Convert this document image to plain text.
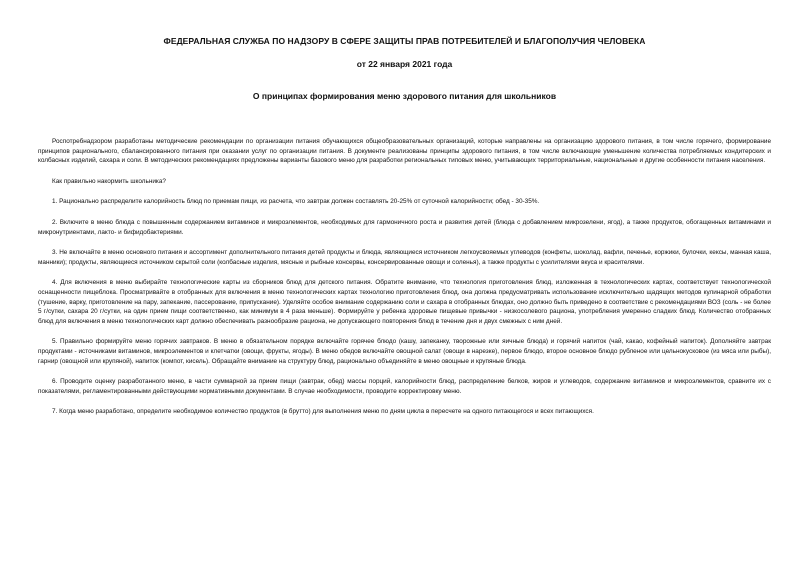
ФЕДЕРАЛЬНАЯ СЛУЖБА ПО НАДЗОРУ В СФЕРЕ ЗАЩИТЫ ПРАВ ПОТРЕБИТЕЛЕЙ И БЛАГОПОЛУЧИЯ ЧЕЛОВЕКА
от 22 января 2021 года
О принципах формирования меню здорового питания для школьников

Роспотребнадзором разработаны методические рекомендации по организации питания обучающихся общеобразовательных организаций, которые направлены на организацию здорового питания, в том числе горячего, формирование принципов рационального, сбалансированного питания при оказании услуг по организации питания. В документе реализованы принципы здорового питания, в том числе включающие уменьшение количества потребляемых кондитерских и колбасных изделий, сахара и соли. В методических рекомендациях предложены варианты базового меню для разработки региональных типовых меню, учитывающих территориальные, национальные и другие особенности питания населения.

Как правильно накормить школьника?

1. Рационально распределите калорийность блюд по приемам пищи, из расчета, что завтрак должен составлять 20-25% от суточной калорийности; обед - 30-35%.

2. Включите в меню блюда с повышенным содержанием витаминов и микроэлементов, необходимых для гармоничного роста и развития детей (блюда с добавлением микрозелени, ягод), а также продуктов, обогащенных витаминами и микронутриентами, лакто- и бифидобактериями.

3. Не включайте в меню основного питания и ассортимент дополнительного питания детей продукты и блюда, являющиеся источником легкоусвояемых углеводов (конфеты, шоколад, вафли, печенье, коржики, булочки, кексы, манная каша, манники); продукты, являющиеся источником скрытой соли (колбасные изделия, мясные и рыбные консервы, консервированные овощи и соленья), а также продукты с усилителями вкуса и красителями.

4. Для включения в меню выбирайте технологические карты из сборников блюд для детского питания. Обратите внимание, что технология приготовления блюд, изложенная в технологических картах, соответствует технологической оснащенности пищеблока. Просматривайте в отобранных для включения в меню технологических картах технологию приготовления блюд, она должна предусматривать использование исключительно щадящих методов кулинарной обработки (тушение, варку, приготовление на пару, запекание, пассерование, припускание). Уделяйте особое внимание содержанию соли и сахара в отобранных блюдах, оно должно быть приведено в соответствие с рекомендациями ВОЗ (соль - не более 5 г/сутки, сахара 20 г/сутки, на один прием пищи соответственно, как минимум в 4 раза меньше). Формируйте у ребенка здоровые пищевые привычки - низкосолевого рациона, употребления умеренно сладких блюд. Количество отобранных блюд для включения в меню технологических карт должно обеспечивать разнообразие рациона, не допускающего повторения блюд в течение дня и двух смежных с ним дней.

5. Правильно формируйте меню горячих завтраков. В меню в обязательном порядке включайте горячее блюдо (кашу, запеканку, творожные или яичные блюда) и горячий напиток (чай, какао, кофейный напиток). Дополняйте завтрак продуктами - источниками витаминов, микроэлементов и клетчатки (овощи, фрукты, ягоды). В меню обедов включайте овощной салат (овощи в нарезке), первое блюдо, второе основное блюдо рубленое или цельнокусковое (из мяса или рыбы), гарнир (овощной или крупяной), напиток (компот, кисель). Обращайте внимание на структуру блюд, рационально объединяйте в меню овощные и крупяные блюда.

6. Проводите оценку разработанного меню, в части суммарной за прием пищи (завтрак, обед) массы порций, калорийности блюд, распределение белков, жиров и углеводов, содержание витаминов и микроэлементов, сравните их с показателями, регламентированными действующими нормативными документами. В случае необходимости, проводите корректировку меню.

7. Когда меню разработано, определите необходимое количество продуктов (в брутто) для выполнения меню по дням цикла в пересчете на одного питающегося и всех питающихся.
